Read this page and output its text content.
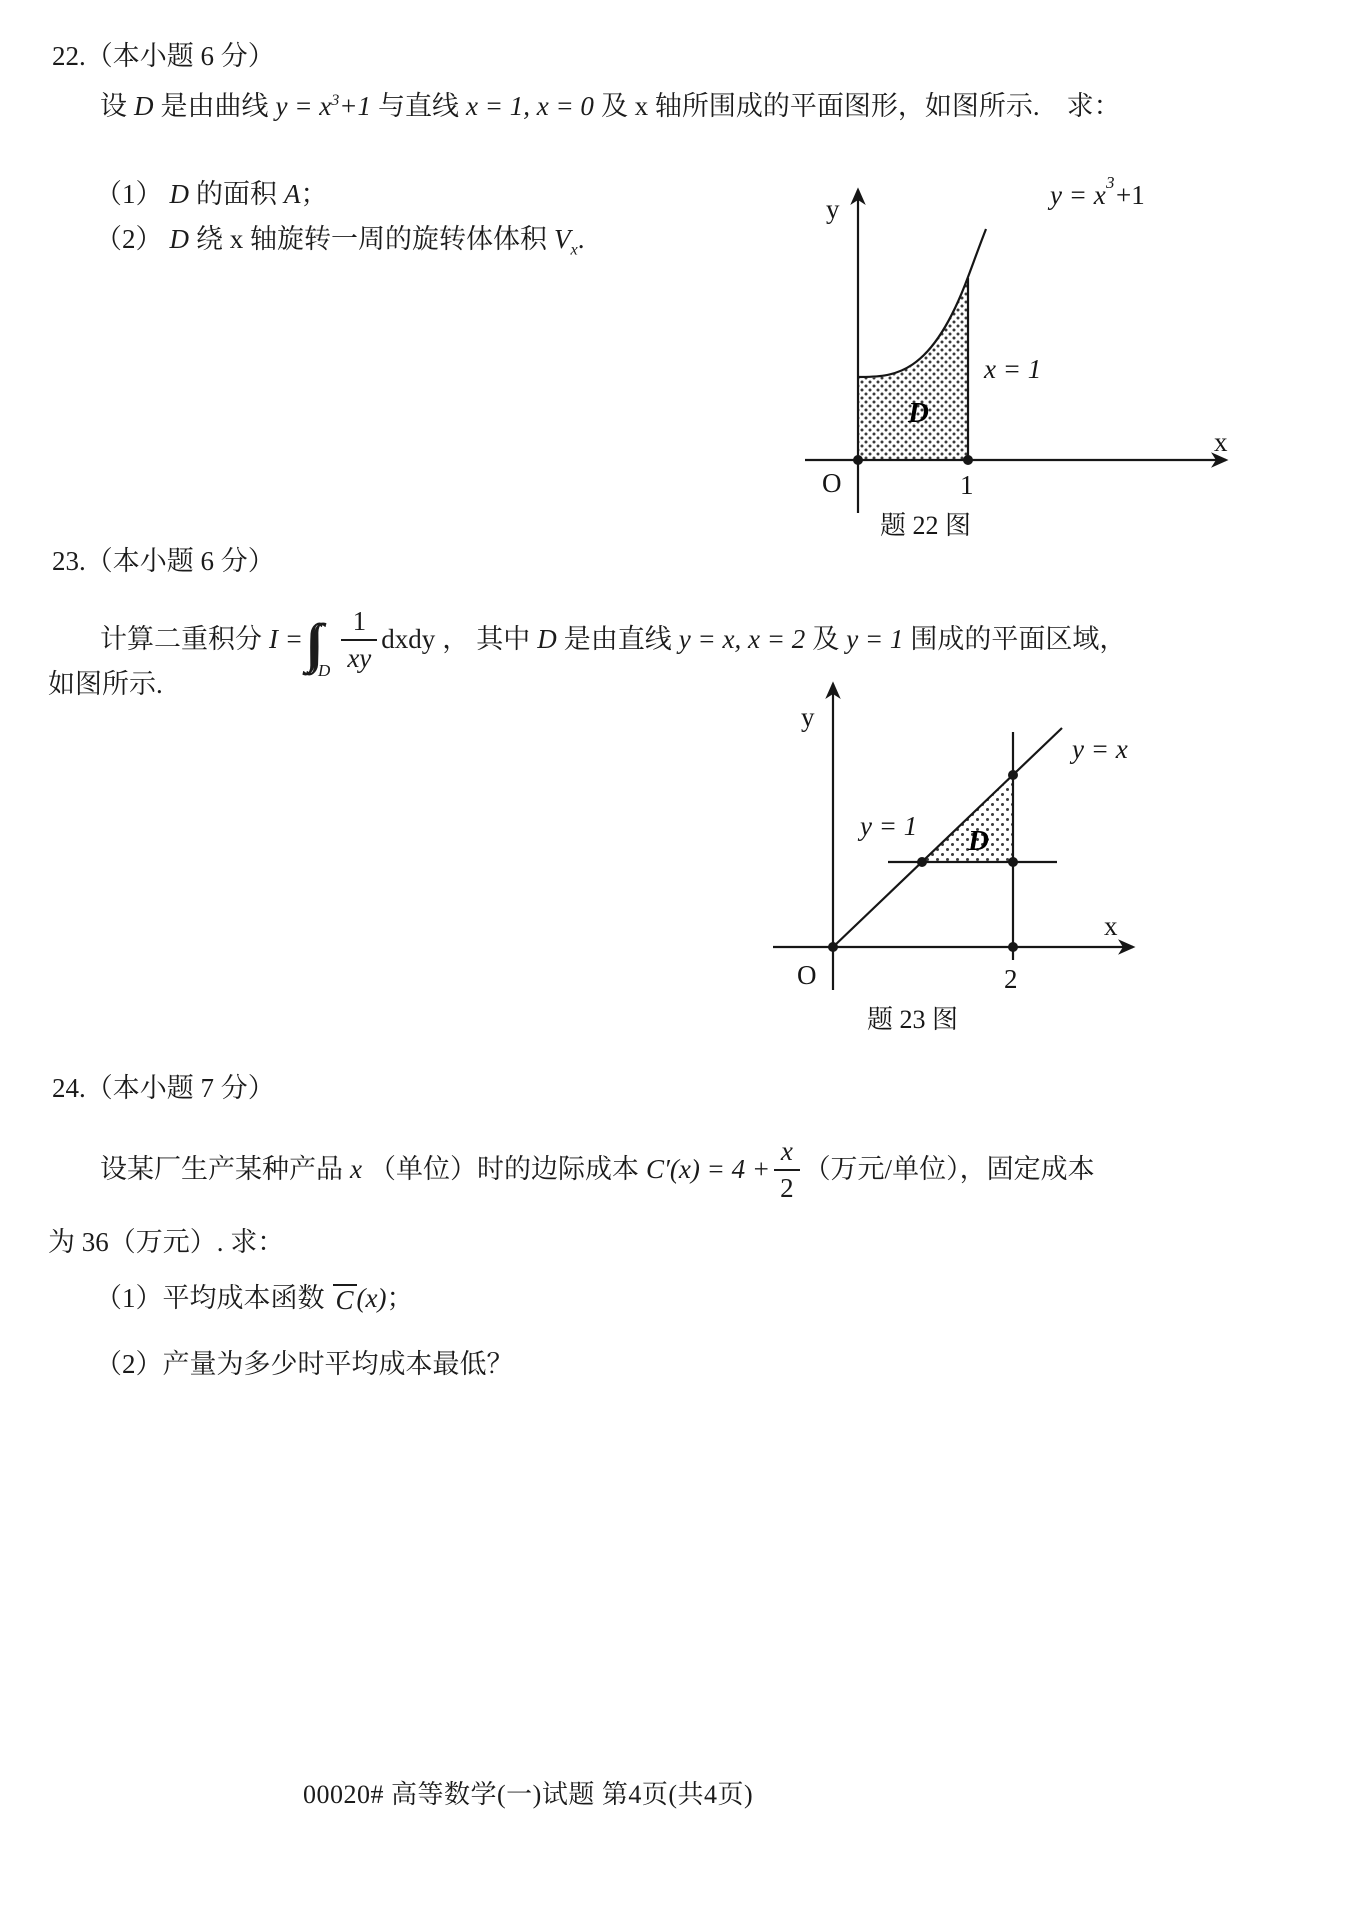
22.（本小题 6 分）
设 D 是由曲线 $y = x^3 +1$ 与直线 x = 1, x = 0 及 x 轴所围成的平面图形，如图所示.　求：
（1） D 的面积 A ；
（2） D 绕 x 轴旋转一周的旋转体体积 $V_x$ .
y	y = x 3 +1
x = 1
D
O	1
x
题 22 图
23.（本小题 6 分）
计算二重积分 I =
D $\frac{1}{xy}$ dxdy ， 其中 D 是由直线 y = x, x = 2 及 y = 1 围成的平面区域，
如图所示.
y
y = x
y = 1 D
O	2
x
题 23 图
24.（本小题 7 分）
设某厂生产某种产品 x （单位）时的边际成本 $C'(x) = 4 + \frac{x}{2}$ （万元/单位），固定成本
为 36（万元）. 求：
（1） 平均成本函数 C (x) ；
（2） 产量为多少时平均成本最低？
00020# 高等数学(一)试题 第4页(共4页)
